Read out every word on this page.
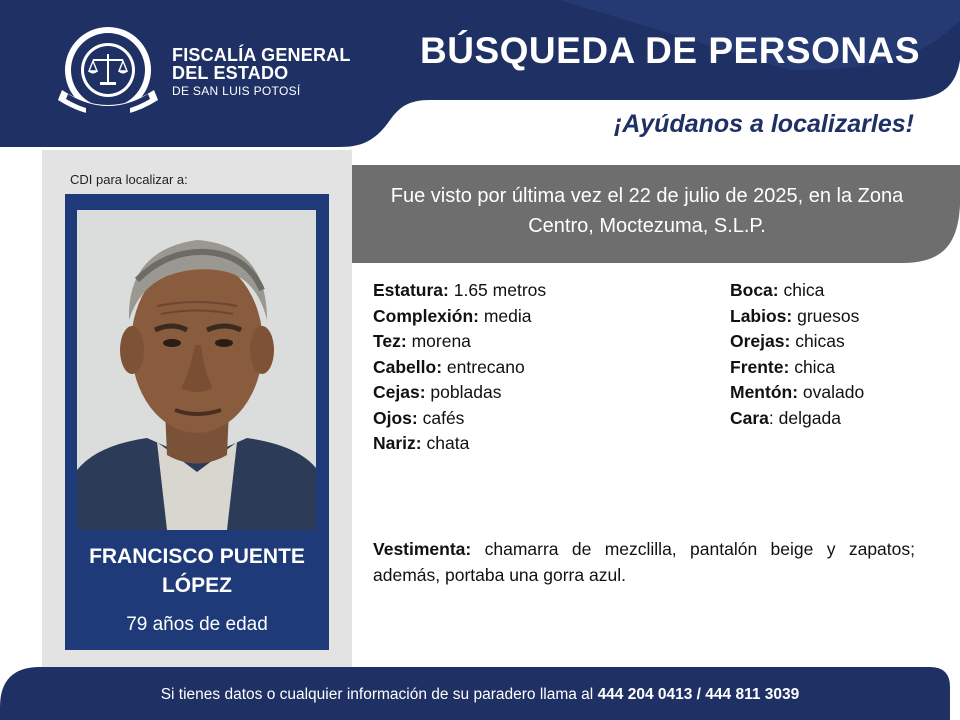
FISCALÍA GENERAL
DEL ESTADO
DE SAN LUIS POTOSÍ
BÚSQUEDA DE PERSONAS
¡Ayúdanos a localizarles!
CDI para localizar a:
FRANCISCO PUENTE LÓPEZ
79 años de edad
Fue visto por última vez el 22 de julio de 2025, en la Zona Centro, Moctezuma, S.L.P.
Estatura: 1.65 metros
Complexión: media
Tez: morena
Cabello: entrecano
Cejas: pobladas
Ojos: cafés
Nariz: chata
Boca: chica
Labios: gruesos
Orejas: chicas
Frente: chica
Mentón: ovalado
Cara: delgada
Vestimenta: chamarra de mezclilla, pantalón beige y zapatos; además, portaba una gorra azul.
Si tienes datos o cualquier información de su paradero llama al 444 204 0413 / 444 811 3039
